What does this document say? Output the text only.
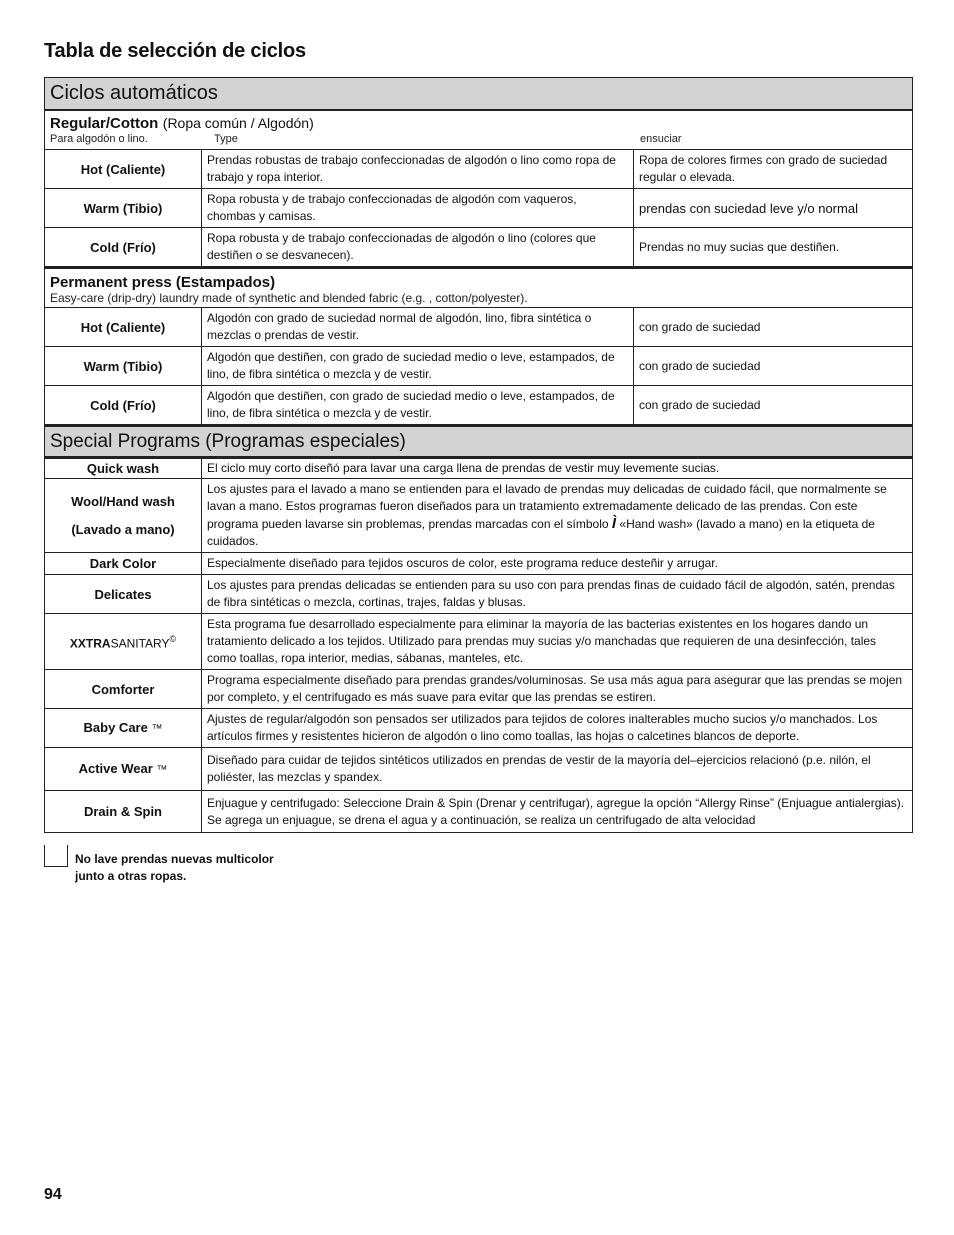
Tabla de selección de ciclos
Ciclos automáticos
Regular/Cotton (Ropa común / Algodón)
Para algodón o lino.	Type	ensuciar
Hot (Caliente)	Prendas robustas de trabajo confeccionadas de algodón o lino como ropa de trabajo y ropa interior.	Ropa de colores firmes con grado de suciedad regular o elevada.
Warm (Tibio)	Ropa robusta y de trabajo confeccionadas de algodón com vaqueros, chombas y camisas.	prendas con suciedad leve y/o normal
Cold (Frío)	Ropa robusta y de trabajo confeccionadas de algodón o lino (colores que destiñen o se desvanecen).	Prendas no muy sucias que destiñen.
Permanent press (Estampados)
Easy-care (drip-dry) laundry made of synthetic and blended fabric (e.g. , cotton/polyester).
Hot (Caliente)	Algodón con grado de suciedad normal de algodón, lino, fibra sintética o mezclas o prendas de vestir.	con grado de suciedad
Warm (Tibio)	Algodón que destiñen, con grado de suciedad medio o leve, estampados, de lino, de fibra sintética o mezcla y de vestir.	con grado de suciedad
Cold (Frío)	Algodón que destiñen, con grado de suciedad medio o leve, estampados, de lino, de fibra sintética o mezcla y de vestir.	con grado de suciedad
Special Programs (Programas especiales)
Quick wash	El ciclo muy corto diseñó para lavar una carga llena de prendas de vestir muy levemente sucias.

Wool/Hand wash
(Lavado a mano)	Los ajustes para el lavado a mano se entienden para el lavado de prendas muy delicadas de cuidado fácil, que normalmente se lavan a mano. Estos programas fueron diseñados para un tratamiento extremadamente delicado de las prendas. Con este programa pueden lavarse sin problemas, prendas marcadas con el símbolo Ì «Hand wash» (lavado a mano) en la etiqueta de cuidados.
Dark Color	Especialmente diseñado para tejidos oscuros de color, este programa reduce desteñir y arrugar.
Delicates	Los ajustes para prendas delicadas se entienden para su uso con para prendas finas de cuidado fácil de algodón, satén, prendas de fibra sintéticas o mezcla, cortinas, trajes, faldas y blusas.
XXTRASANITARY©	Esta programa fue desarrollado especialmente para eliminar la mayoría de las bacterias existentes en los hogares dando un tratamiento delicado a los tejidos. Utilizado para prendas muy sucias y/o manchadas que requieren de una desinfección, tales como toallas, ropa interior, medias, sábanas, manteles, etc.
Comforter	Programa especialmente diseñado para prendas grandes/voluminosas. Se usa más agua para asegurar que las prendas se mojen por completo, y el centrifugado es más suave para evitar que las prendas se estiren.
Baby Care ™	Ajustes de regular/algodón son pensados ser utilizados para tejidos de colores inalterables mucho sucios y/o manchados. Los artículos firmes y resistentes hicieron de algodón o lino como toallas, las hojas o calcetines blancos de deporte.
Active Wear ™	Diseñado para cuidar de tejidos sintéticos utilizados en prendas de vestir de la mayoría del‒ejercicios relacionó (p.e. nilón, el poliéster, las mezclas y spandex.
Drain & Spin	Enjuague y centrifugado: Seleccione Drain & Spin (Drenar y centrifugar), agregue la opción “Allergy Rinse” (Enjuague antialergias). Se agrega un enjuague, se drena el agua y a continuación, se realiza un centrifugado de alta velocidad
No lave prendas nuevas multicolor
junto a otras ropas.
94
